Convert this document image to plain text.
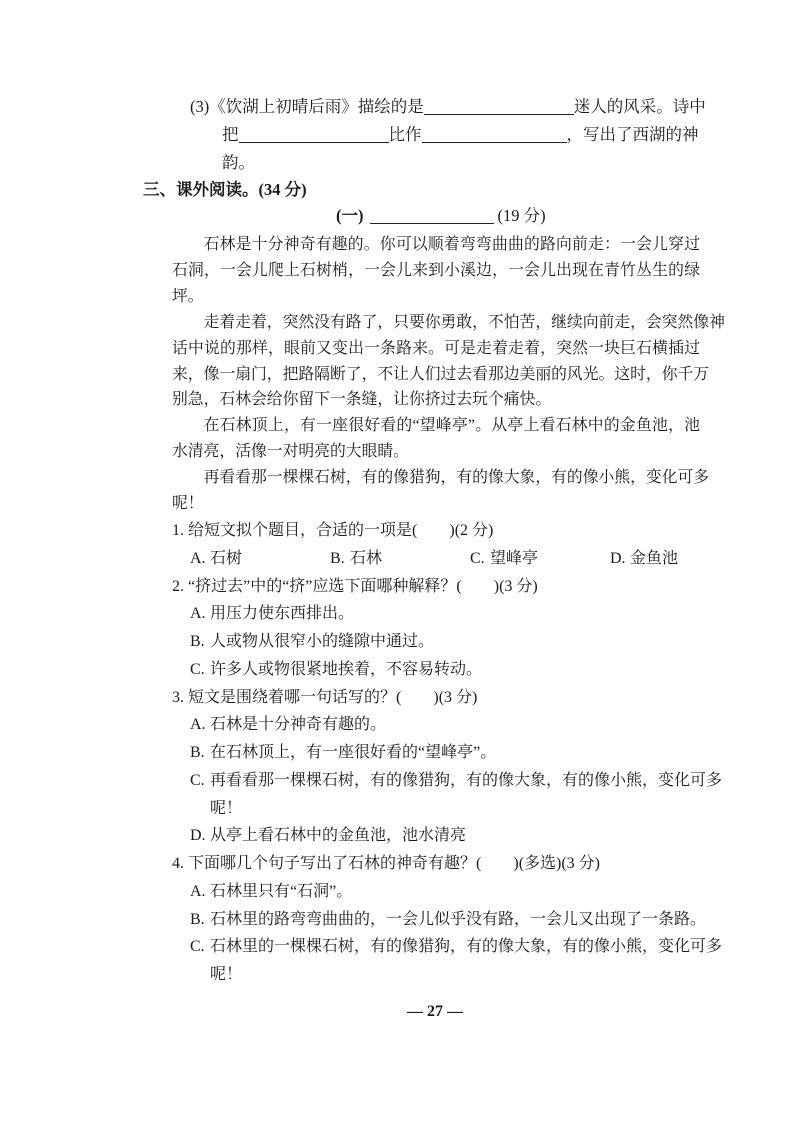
(3)《饮湖上初晴后雨》描绘的是	迷人的风采。诗中
把	比作	，写出了西湖的神
韵。
三、课外阅读。(34 分)
(一)	(19 分)
石林是十分神奇有趣的。你可以顺着弯弯曲曲的路向前走：一会儿穿过
石洞，一会儿爬上石树梢，一会儿来到小溪边，一会儿出现在青竹丛生的绿
坪。
走着走着，突然没有路了，只要你勇敢，不怕苦，继续向前走，会突然像神
话中说的那样，眼前又变出一条路来。可是走着走着，突然一块巨石横插过
来，像一扇门，把路隔断了，不让人们过去看那边美丽的风光。这时，你千万
别急，石林会给你留下一条缝，让你挤过去玩个痛快。
在石林顶上，有一座很好看的“望峰亭”。从亭上看石林中的金鱼池，池
水清亮，活像一对明亮的大眼睛。
再看看那一棵棵石树，有的像猎狗，有的像大象，有的像小熊，变化可多
呢！
1. 给短文拟个题目，合适的一项是(　　)(2 分)
A. 石树	B. 石林	C. 望峰亭	D. 金鱼池
2. “挤过去”中的“挤”应选下面哪种解释？(　　)(3 分)
A. 用压力使东西排出。
B. 人或物从很窄小的缝隙中通过。
C. 许多人或物很紧地挨着，不容易转动。
3. 短文是围绕着哪一句话写的？(　　)(3 分)
A. 石林是十分神奇有趣的。
B. 在石林顶上，有一座很好看的“望峰亭”。
C. 再看看那一棵棵石树，有的像猎狗，有的像大象，有的像小熊，变化可多
呢！
D. 从亭上看石林中的金鱼池，池水清亮
4. 下面哪几个句子写出了石林的神奇有趣？(　　)(多选)(3 分)
A. 石林里只有“石洞”。
B. 石林里的路弯弯曲曲的，一会儿似乎没有路，一会儿又出现了一条路。
C. 石林里的一棵棵石树，有的像猎狗，有的像大象，有的像小熊，变化可多
呢！
— 27 —
